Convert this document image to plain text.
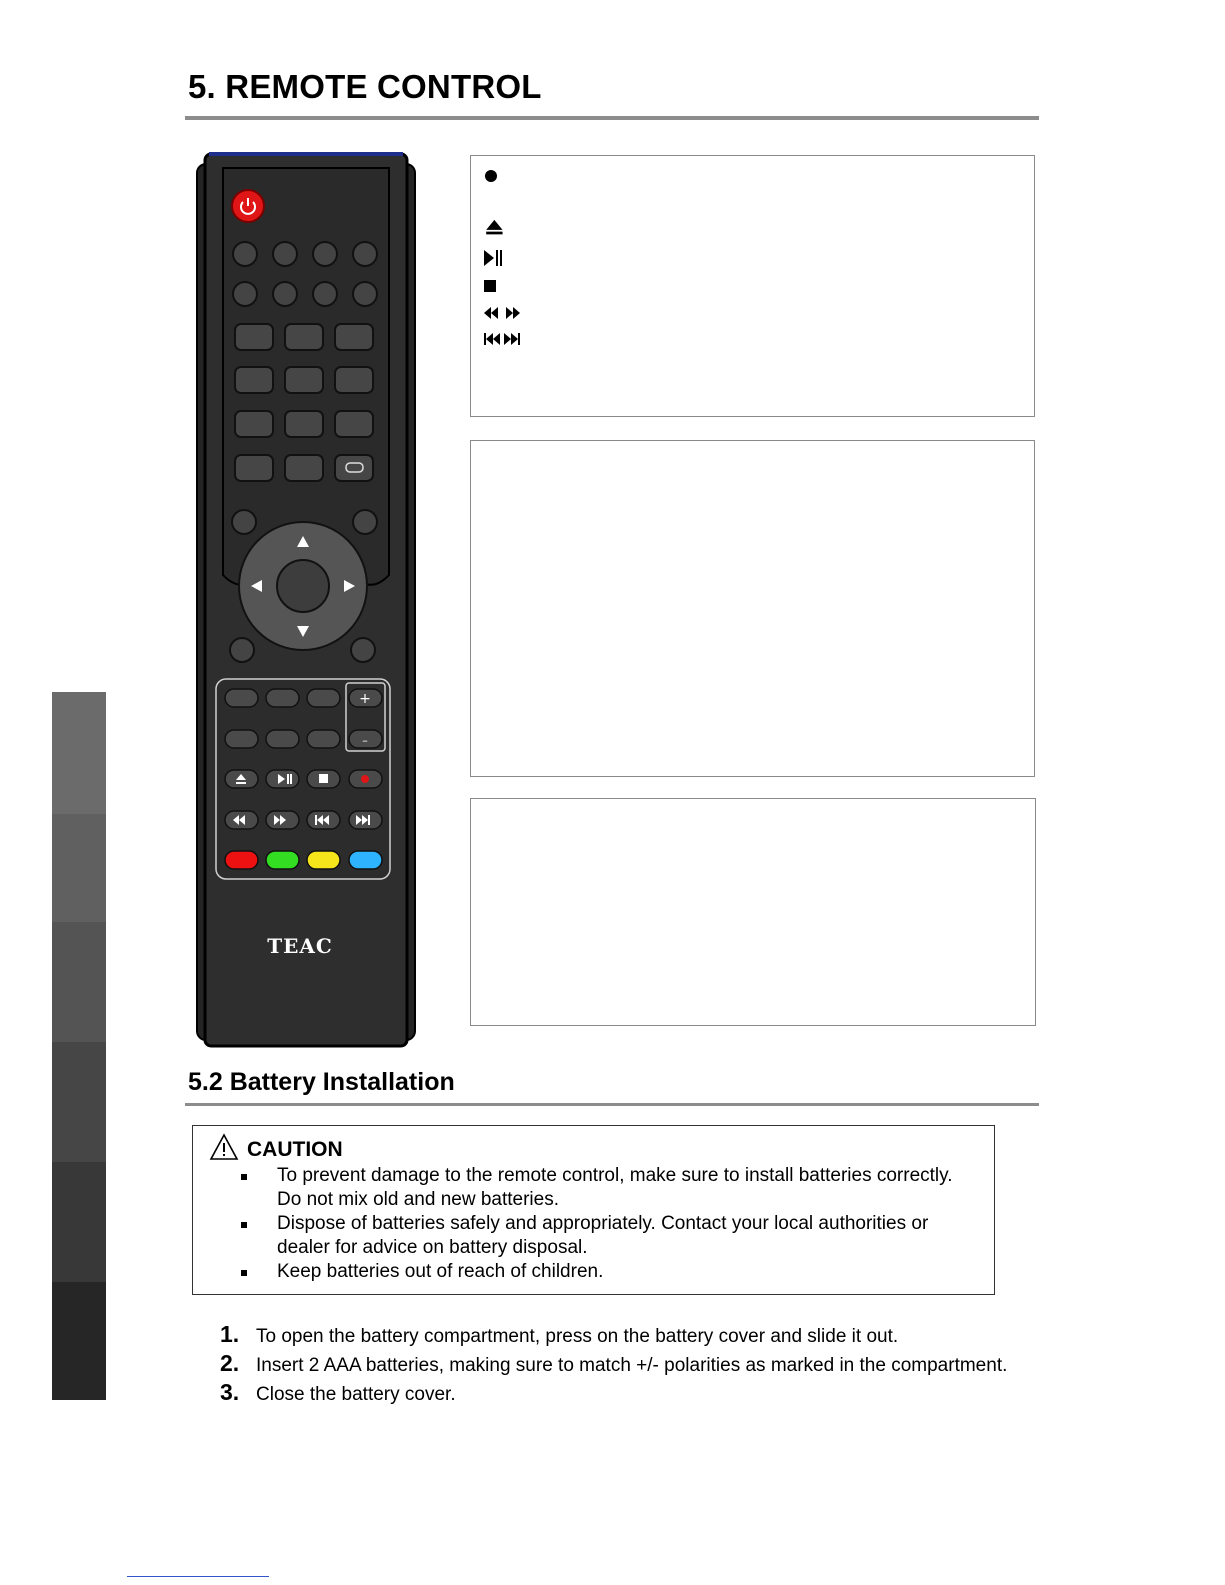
5. REMOTE CONTROL
+
–
TEAC
5.2 Battery Installation
CAUTION
To prevent damage to the remote control, make sure to install batteries correctly. Do not mix old and new batteries.
Dispose of batteries safely and appropriately. Contact your local authorities or dealer for advice on battery disposal.
Keep batteries out of reach of children.
1. To open the battery compartment, press on the battery cover and slide it out.
2. Insert 2 AAA batteries, making sure to match +/- polarities as marked in the compartment.
3. Close the battery cover.
